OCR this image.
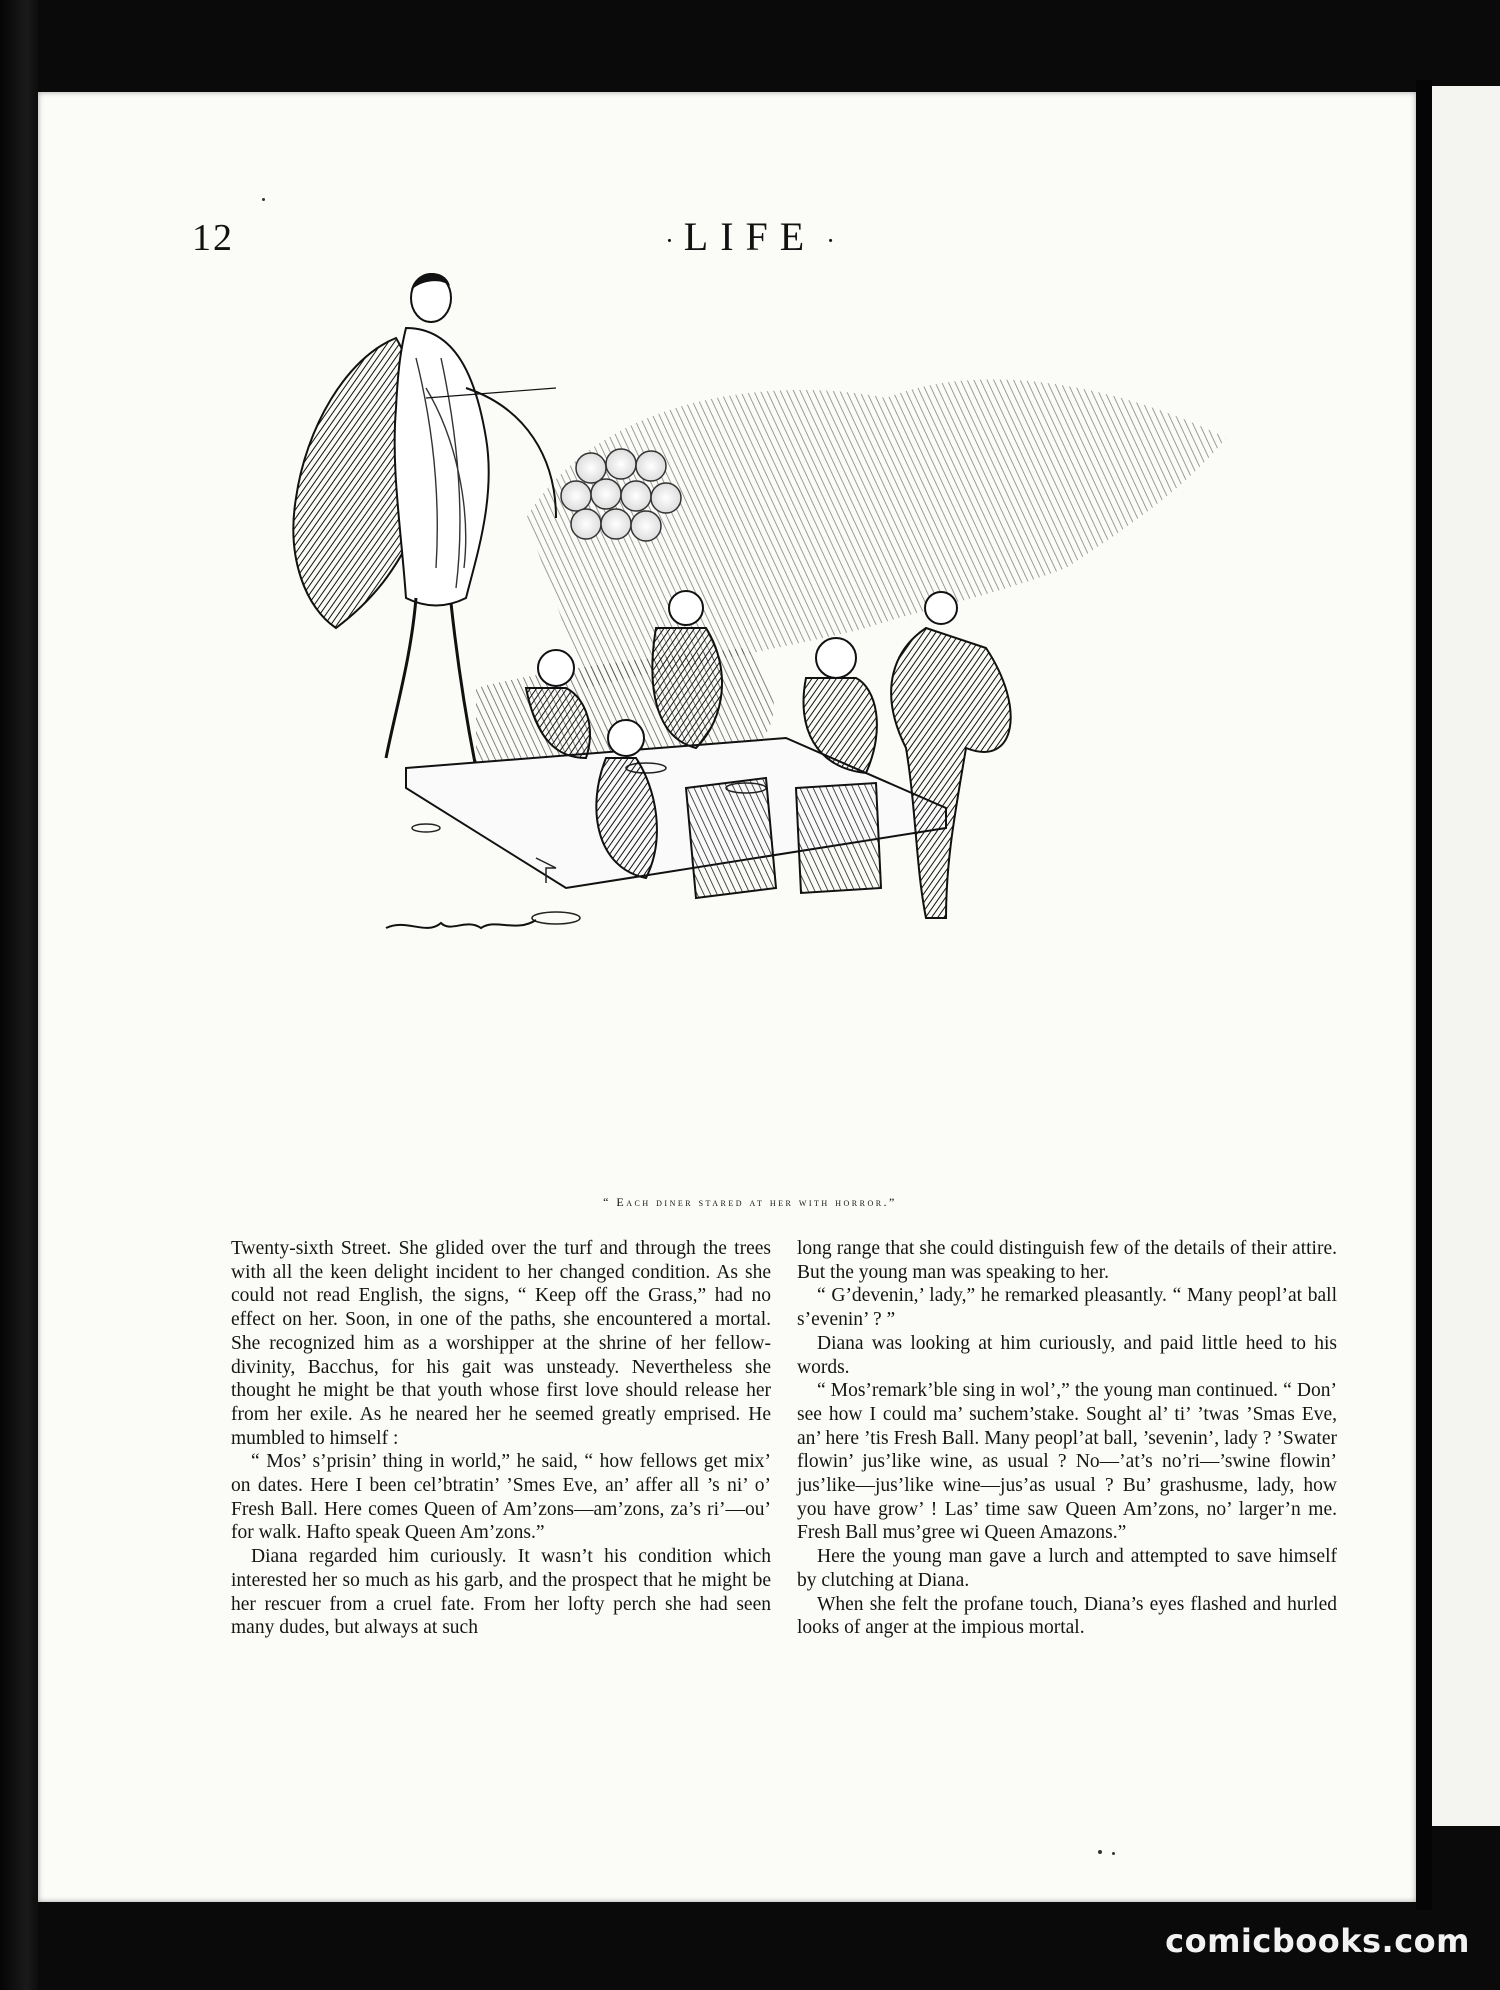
12	· LIFE ·
“ Each diner stared at her with horror.”

Twenty-sixth Street. She glided over the turf and through the trees with all the keen delight incident to her changed condition. As she could not read English, the signs, “ Keep off the Grass,” had no effect on her. Soon, in one of the paths, she encountered a mortal. She recognized him as a worshipper at the shrine of her fellow-divinity, Bacchus, for his gait was unsteady. Nevertheless she thought he might be that youth whose first love should release her from her exile. As he neared her he seemed greatly emprised. He mumbled to himself :

“ Mos’ s’prisin’ thing in world,” he said, “ how fellows get mix’ on dates. Here I been cel’btratin’ ’Smes Eve, an’ affer all ’s ni’ o’ Fresh Ball. Here comes Queen of Am’zons—am’zons, za’s ri’—ou’ for walk. Hafto speak Queen Am’zons.”

Diana regarded him curiously. It wasn’t his condition which interested her so much as his garb, and the prospect that he might be her rescuer from a cruel fate. From her lofty perch she had seen many dudes, but always at such

long range that she could distinguish few of the details of their attire. But the young man was speaking to her.

“ G’devenin,’ lady,” he remarked pleasantly. “ Many peopl’at ball s’evenin’ ? ”

Diana was looking at him curiously, and paid little heed to his words.

“ Mos’remark’ble sing in wol’,” the young man continued. “ Don’ see how I could ma’ suchem’stake. Sought al’ ti’ ’twas ’Smas Eve, an’ here ’tis Fresh Ball. Many peopl’at ball, ’sevenin’, lady ? ’Swater flowin’ jus’like wine, as usual ? No—’at’s no’ri—’swine flowin’ jus’like—jus’like wine—jus’as usual ? Bu’ grashusme, lady, how you have grow’ ! Las’ time saw Queen Am’zons, no’ larger’n me. Fresh Ball mus’gree wi Queen Amazons.”

Here the young man gave a lurch and attempted to save himself by clutching at Diana.

When she felt the profane touch, Diana’s eyes flashed and hurled looks of anger at the impious mortal.

comicbooks.com
